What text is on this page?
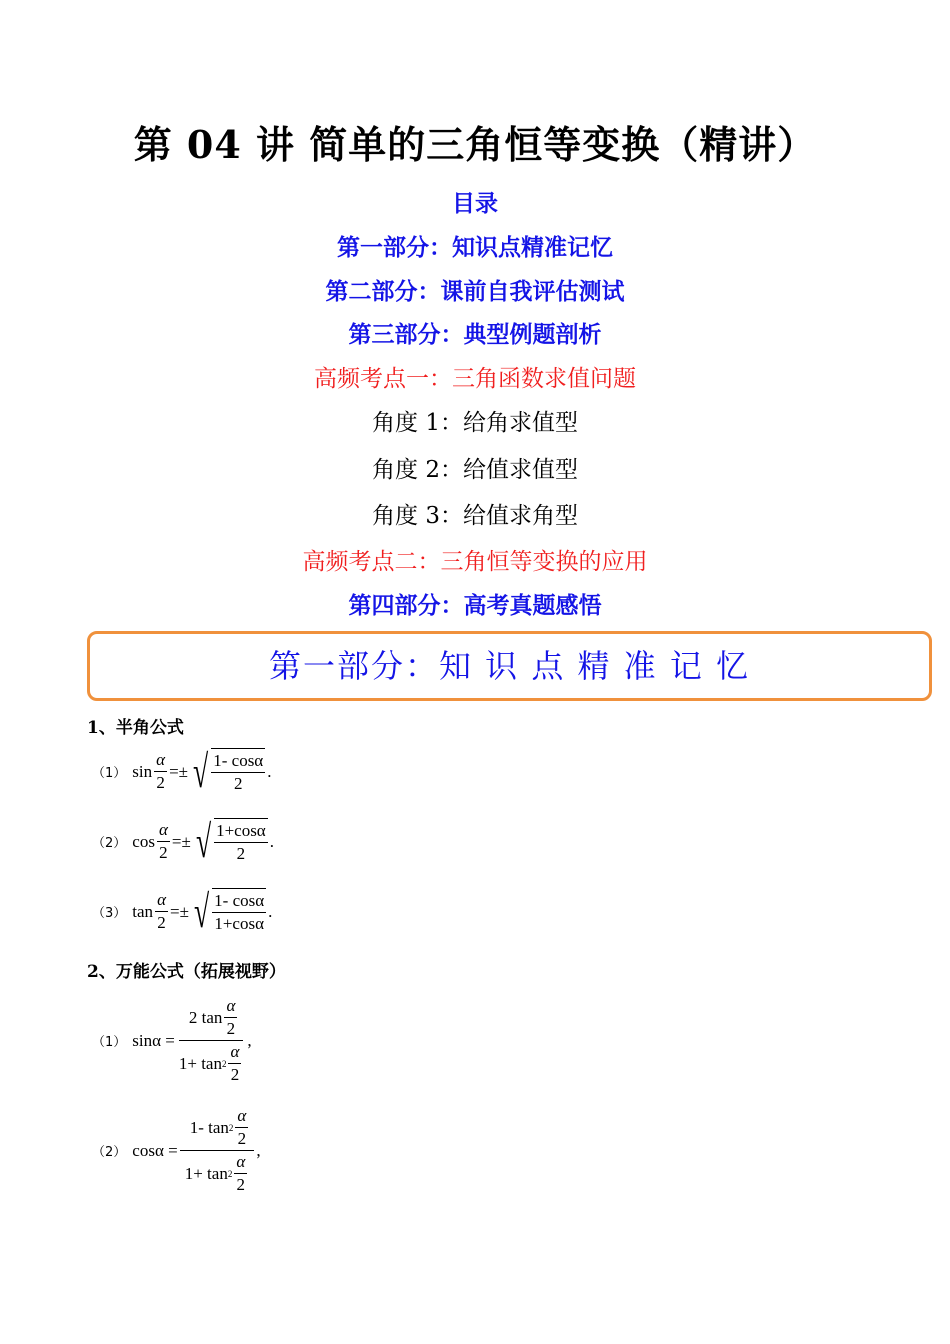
第 04 讲 简单的三角恒等变换（精讲）
目录
第一部分：知识点精准记忆
第二部分：课前自我评估测试
第三部分：典型例题剖析
高频考点一：三角函数求值问题
角度 1：给角求值型
角度 2：给值求值型
角度 3：给值求角型
高频考点二：三角恒等变换的应用
第四部分：高考真题感悟
第一部分：知 识 点 精 准 记 忆
1、半角公式
（1） $\sin \frac{\alpha}{2}$ =± √ $\frac{1- \cos\alpha}{2}$ .
（2） $\cos \frac{\alpha}{2}$ =± √ $\frac{1+\cos\alpha}{2}$ .
（3） $\tan \frac{\alpha}{2}$ =± √ $\frac{1- \cos\alpha}{1+\cos\alpha}$ .
2、万能公式（拓展视野）
（1） $\sin\alpha = \frac{2 \tan \frac{\alpha}{2}}{1+ \tan 2 \frac{\alpha}{2}}$ ,
（2） $\cos\alpha = \frac{1- \tan 2 \frac{\alpha}{2}}{1+ \tan 2 \frac{\alpha}{2}}$ ,
